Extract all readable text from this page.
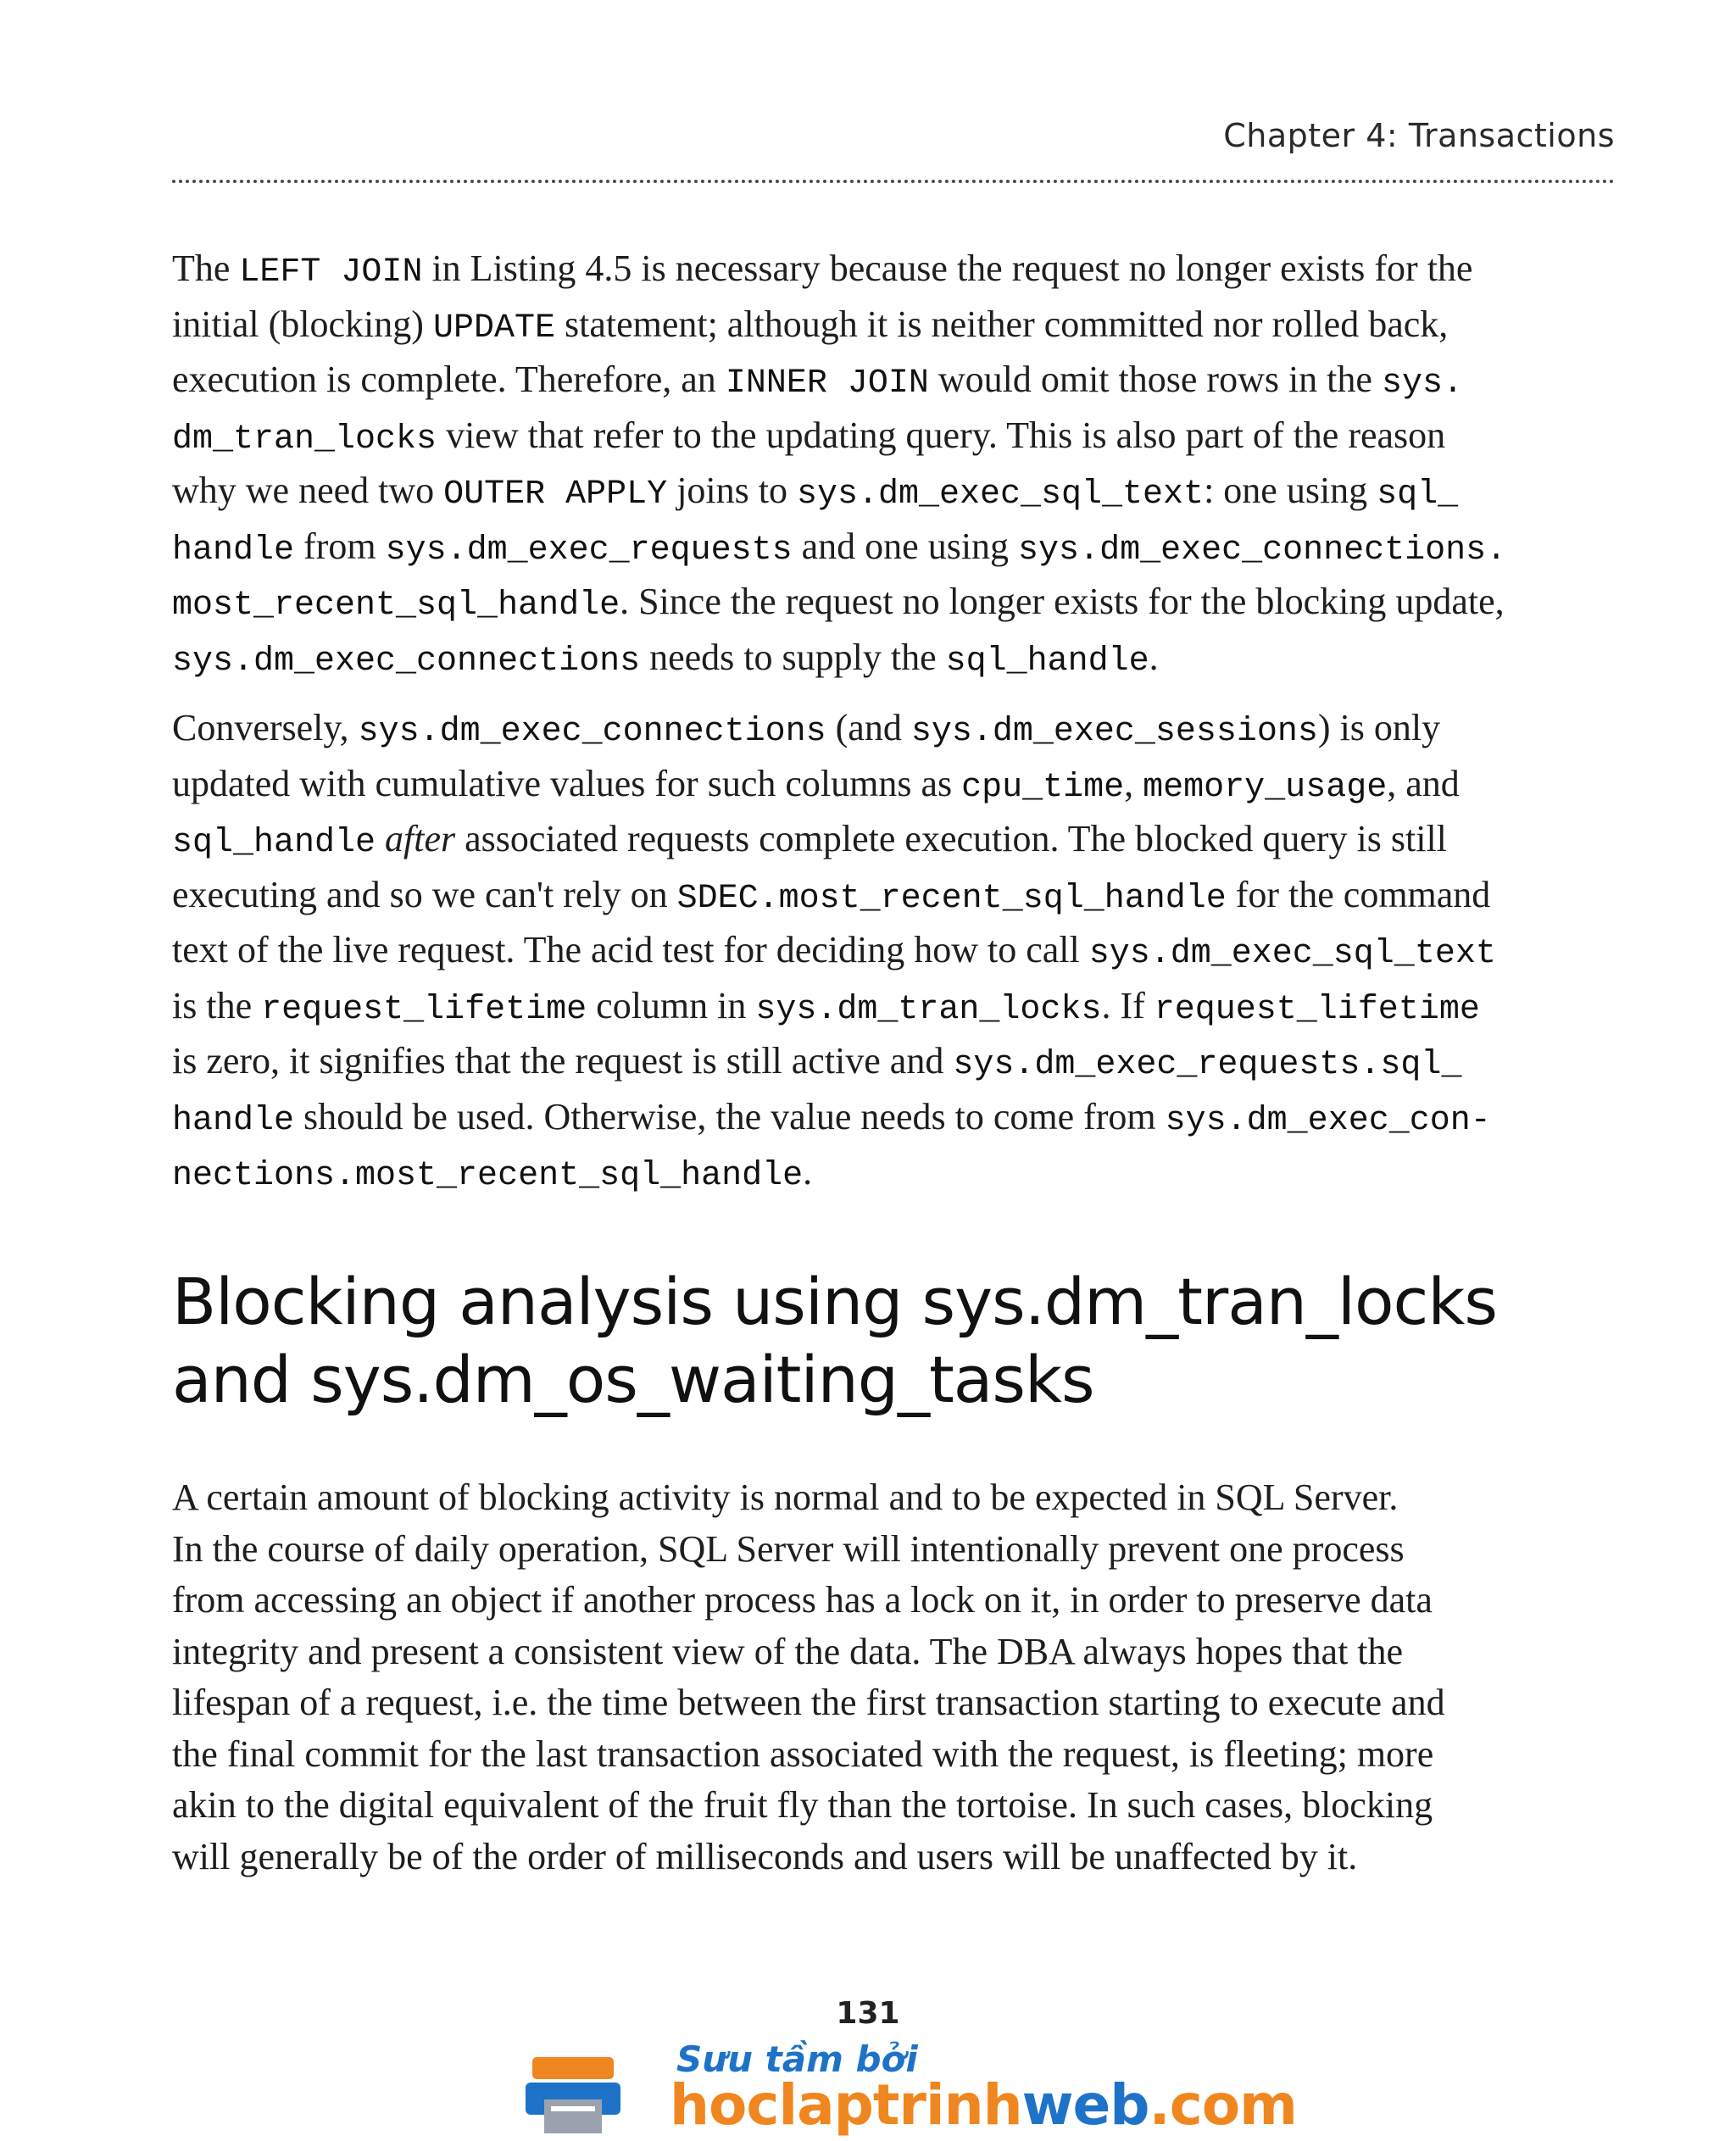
Chapter 4: Transactions
The LEFT JOIN in Listing 4.5 is necessary because the request no longer exists for the
initial (blocking) UPDATE statement; although it is neither committed nor rolled back,
execution is complete. Therefore, an INNER JOIN would omit those rows in the sys.
dm_tran_locks view that refer to the updating query. This is also part of the reason
why we need two OUTER APPLY joins to sys.dm_exec_sql_text: one using sql_
handle from sys.dm_exec_requests and one using sys.dm_exec_connections.
most_recent_sql_handle. Since the request no longer exists for the blocking update,
sys.dm_exec_connections needs to supply the sql_handle.
Conversely, sys.dm_exec_connections (and sys.dm_exec_sessions) is only
updated with cumulative values for such columns as cpu_time, memory_usage, and
sql_handle after associated requests complete execution. The blocked query is still
executing and so we can't rely on SDEC.most_recent_sql_handle for the command
text of the live request. The acid test for deciding how to call sys.dm_exec_sql_text
is the request_lifetime column in sys.dm_tran_locks. If request_lifetime
is zero, it signifies that the request is still active and sys.dm_exec_requests.sql_
handle should be used. Otherwise, the value needs to come from sys.dm_exec_con-
nections.most_recent_sql_handle.
Blocking analysis using sys.dm_tran_locks
and sys.dm_os_waiting_tasks
A certain amount of blocking activity is normal and to be expected in SQL Server.
In the course of daily operation, SQL Server will intentionally prevent one process
from accessing an object if another process has a lock on it, in order to preserve data
integrity and present a consistent view of the data. The DBA always hopes that the
lifespan of a request, i.e. the time between the first transaction starting to execute and
the final commit for the last transaction associated with the request, is fleeting; more
akin to the digital equivalent of the fruit fly than the tortoise. In such cases, blocking
will generally be of the order of milliseconds and users will be unaffected by it.
131
Sưu tầm bởi
hoclaptrinhweb.com
